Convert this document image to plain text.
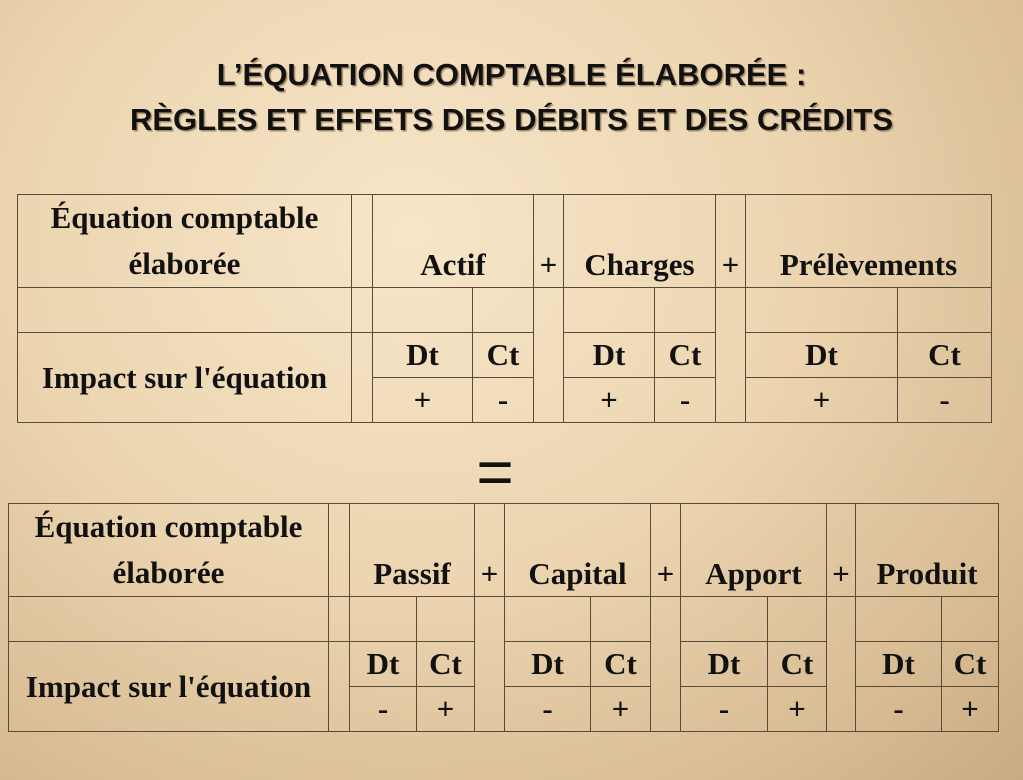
L’ÉQUATION COMPTABLE ÉLABORÉE :
RÈGLES ET EFFETS DES DÉBITS ET DES CRÉDITS
Équation comptable élaborée		Actif		+	Charges		+	Prélèvements	

Impact sur l'équation		Dt	Ct		Dt	Ct		Dt	Ct
		+	-		+	-		+	-
=
Équation comptable élaborée		Passif		+	Capital		+	Apport		+	Produit	

Impact sur l'équation		Dt	Ct		Dt	Ct		Dt	Ct		Dt	Ct
		-	+		-	+		-	+		-	+
